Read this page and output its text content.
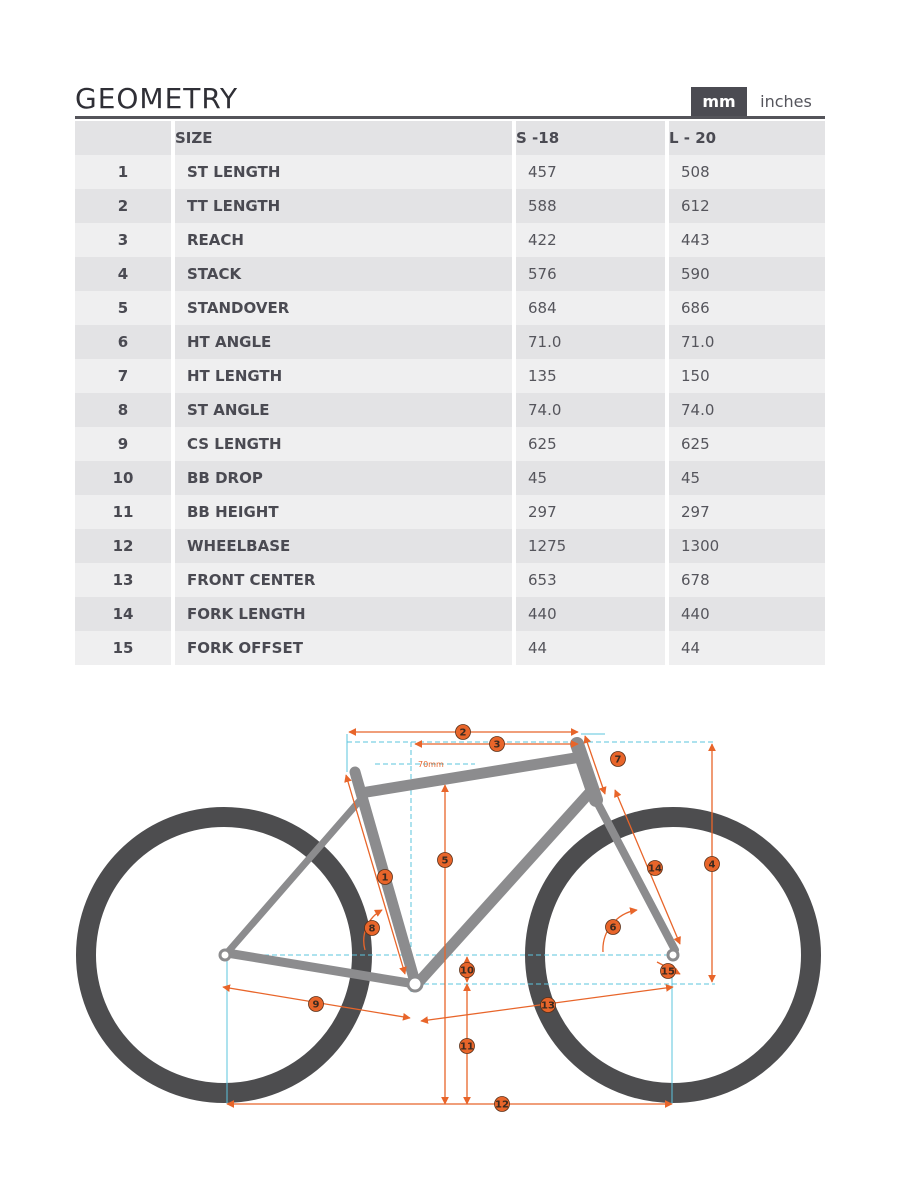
GEOMETRY	mm	inches
	SIZE	S -18	L - 20
1	ST LENGTH	457	508
2	TT LENGTH	588	612
3	REACH	422	443
4	STACK	576	590
5	STANDOVER	684	686
6	HT ANGLE	71.0	71.0
7	HT LENGTH	135	150
8	ST ANGLE	74.0	74.0
9	CS LENGTH	625	625
10	BB DROP	45	45
11	BB HEIGHT	297	297
12	WHEELBASE	1275	1300
13	FRONT CENTER	653	678
14	FORK LENGTH	440	440
15	FORK OFFSET	44	44
70mm
1
2
3
4
5
6
7
8
9
10
11
12
13
14
15
